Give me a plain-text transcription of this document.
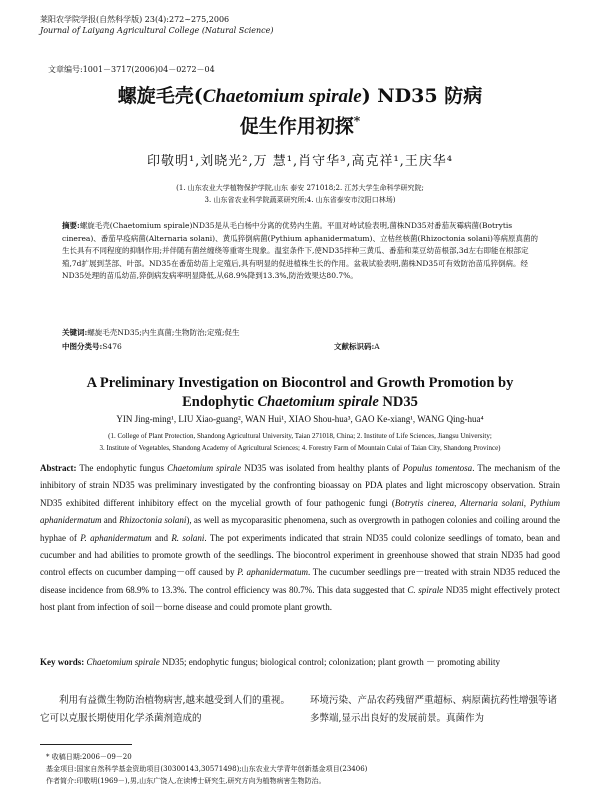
莱阳农学院学报(自然科学版) 23(4):272~275,2006
Journal of Laiyang Agricultural College (Natural Science)
文章编号:1001－3717(2006)04－0272－04
螺旋毛壳(Chaetomium spirale) ND35 防病
促生作用初探*
印敬明¹,刘晓光²,万 慧¹,肖守华³,高克祥¹,王庆华⁴
(1. 山东农业大学植物保护学院,山东 泰安 271018;2. 江苏大学生命科学研究院;
3. 山东省农业科学院蔬菜研究所;4. 山东省泰安市汶阳口林场)
摘要:螺旋毛壳(Chaetomium spirale)ND35是从毛白杨中分离的优势内生菌。平皿对峙试验表明,菌株ND35对番茄灰霉病菌(Botrytis cinerea)、番茄早疫病菌(Alternaria solani)、黄瓜猝倒病菌(Pythium aphanidermatum)、立枯丝核菌(Rhizoctonia solani)等病原真菌的生长具有不同程度的抑制作用;并伴随有菌丝缠绕等重寄生现象。温室条件下,使ND35拌种三黄瓜、番茄和菜豆幼苗根部,3d左右即能在根部定殖,7d扩展到茎部、叶部。ND35在番茄幼苗上定殖后,具有明显的促进植株生长的作用。盆栽试验表明,菌株ND35可有效防治苗瓜猝倒病。经ND35处理的苗瓜幼苗,猝倒病发病率明显降低,从68.9%降到13.3%,防治效果达80.7%。
关键词:螺旋毛壳ND35;内生真菌;生物防治;定殖;促生
中图分类号:S476	文献标识码:A
A Preliminary Investigation on Biocontrol and Growth Promotion by
Endophytic Chaetomium spirale ND35
YIN Jing-ming¹, LIU Xiao-guang², WAN Hui¹, XIAO Shou-hua³, GAO Ke-xiang¹, WANG Qing-hua⁴
(1. College of Plant Protection, Shandong Agricultural University, Taian 271018, China; 2. Institute of Life Sciences, Jiangsu University;
3. Institute of Vegetables, Shandong Academy of Agricultural Sciences; 4. Forestry Farm of Mountain Culai of Taian City, Shandong Province)
Abstract: The endophytic fungus Chaetomium spirale ND35 was isolated from healthy plants of Populus tomentosa. The mechanism of the inhibitory of strain ND35 was preliminary investigated by the confronting bioassay on PDA plates and light microscopy observation. Strain ND35 exhibited different inhibitory effect on the mycelial growth of four pathogenic fungi (Botrytis cinerea, Alternaria solani, Pythium aphanidermatum and Rhizoctonia solani), as well as mycoparasitic phenomena, such as overgrowth in pathogen colonies and coiling around the hyphae of P. aphanidermatum and R. solani. The pot experiments indicated that strain ND35 could colonize seedlings of tomato, bean and cucumber and had abilities to promote growth of the seedlings. The biocontrol experiment in greenhouse showed that strain ND35 had good control effects on cucumber damping－off caused by P. aphanidermatum. The cucumber seedlings pre－treated with strain ND35 reduced the disease incidence from 68.9% to 13.3%. The control efficiency was 80.7%. This data suggested that C. spirale ND35 might effectively protect host plant from infection of soil－borne disease and could promote plant growth.
Key words: Chaetomium spirale ND35; endophytic fungus; biological control; colonization; plant growth － promoting ability
利用有益微生物防治植物病害,越来越受到人们的重视。它可以克服长期使用化学杀菌剂造成的
环境污染、产品农药残留严重超标、病原菌抗药性增强等诸多弊端,显示出良好的发展前景。真菌作为
* 收稿日期:2006－09－20
基金项目:国家自然科学基金资助项目(30300143,30571498);山东农业大学青年创新基金项目(23406)
作者简介:印敬明(1969－),男,山东广饶人,在读博士研究生,研究方向为植物病害生物防治。
